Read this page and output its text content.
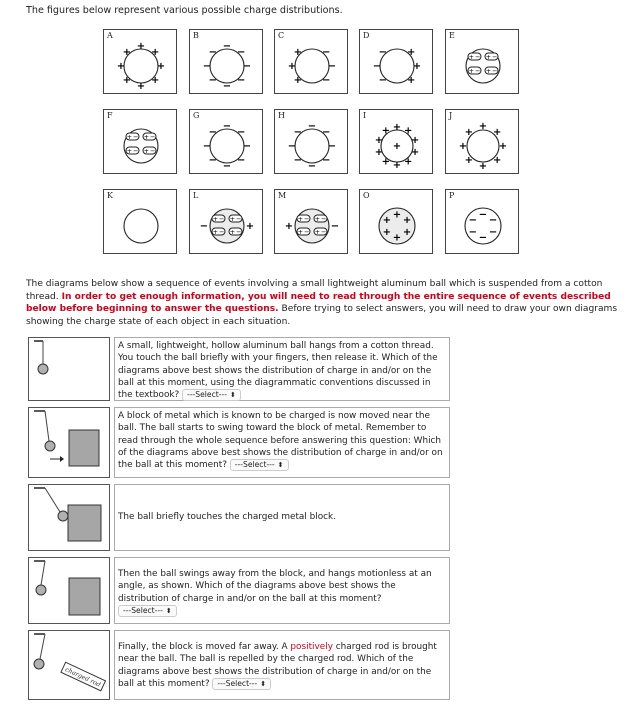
The figures below represent various possible charge distributions.

A
+
+
+
+
+
+
+
+
B
−
−
−
−
−
−
−
−
C
+
+
+
−
−
−
D
−
−
−
+
+
+
E
+ − + −
+ − + −
F
+ − + −
+ − + −
G
−
−
−
−
−
−
−
−
H
−
−
−
−
−
−
−
−
I
+ +
+
+
+
+
+
+
+
+
+
J
+
+
+
+
+
+
+
+
K	L
−
+ − + −
+ − + − +
M
+
+ − + −
+ − + − −
O
+
+
+
+
+
+
P
−
−
−
−
−
−

The diagrams below show a sequence of events involving a small lightweight aluminum ball which is suspended from a cotton thread. In order to get enough information, you will need to read through the entire sequence of events described below before beginning to answer the questions. Before trying to select answers, you will need to draw your own diagrams showing the charge state of each object in each situation.

A small, lightweight, hollow aluminum ball hangs from a cotton thread. You touch the ball briefly with your fingers, then release it. Which of the diagrams above best shows the distribution of charge in and/or on the ball at this moment, using the diagrammatic conventions discussed in the textbook? ---Select--- ⬍
A block of metal which is known to be charged is now moved near the ball. The ball starts to swing toward the block of metal. Remember to read through the whole sequence before answering this question: Which of the diagrams above best shows the distribution of charge in and/or on the ball at this moment? ---Select--- ⬍
The ball briefly touches the charged metal block.
Then the ball swings away from the block, and hangs motionless at an angle, as shown. Which of the diagrams above best shows the distribution of charge in and/or on the ball at this moment?
---Select--- ⬍
charged rod
Finally, the block is moved far away. A positively charged rod is brought near the ball. The ball is repelled by the charged rod. Which of the diagrams above best shows the distribution of charge in and/or on the ball at this moment? ---Select--- ⬍
